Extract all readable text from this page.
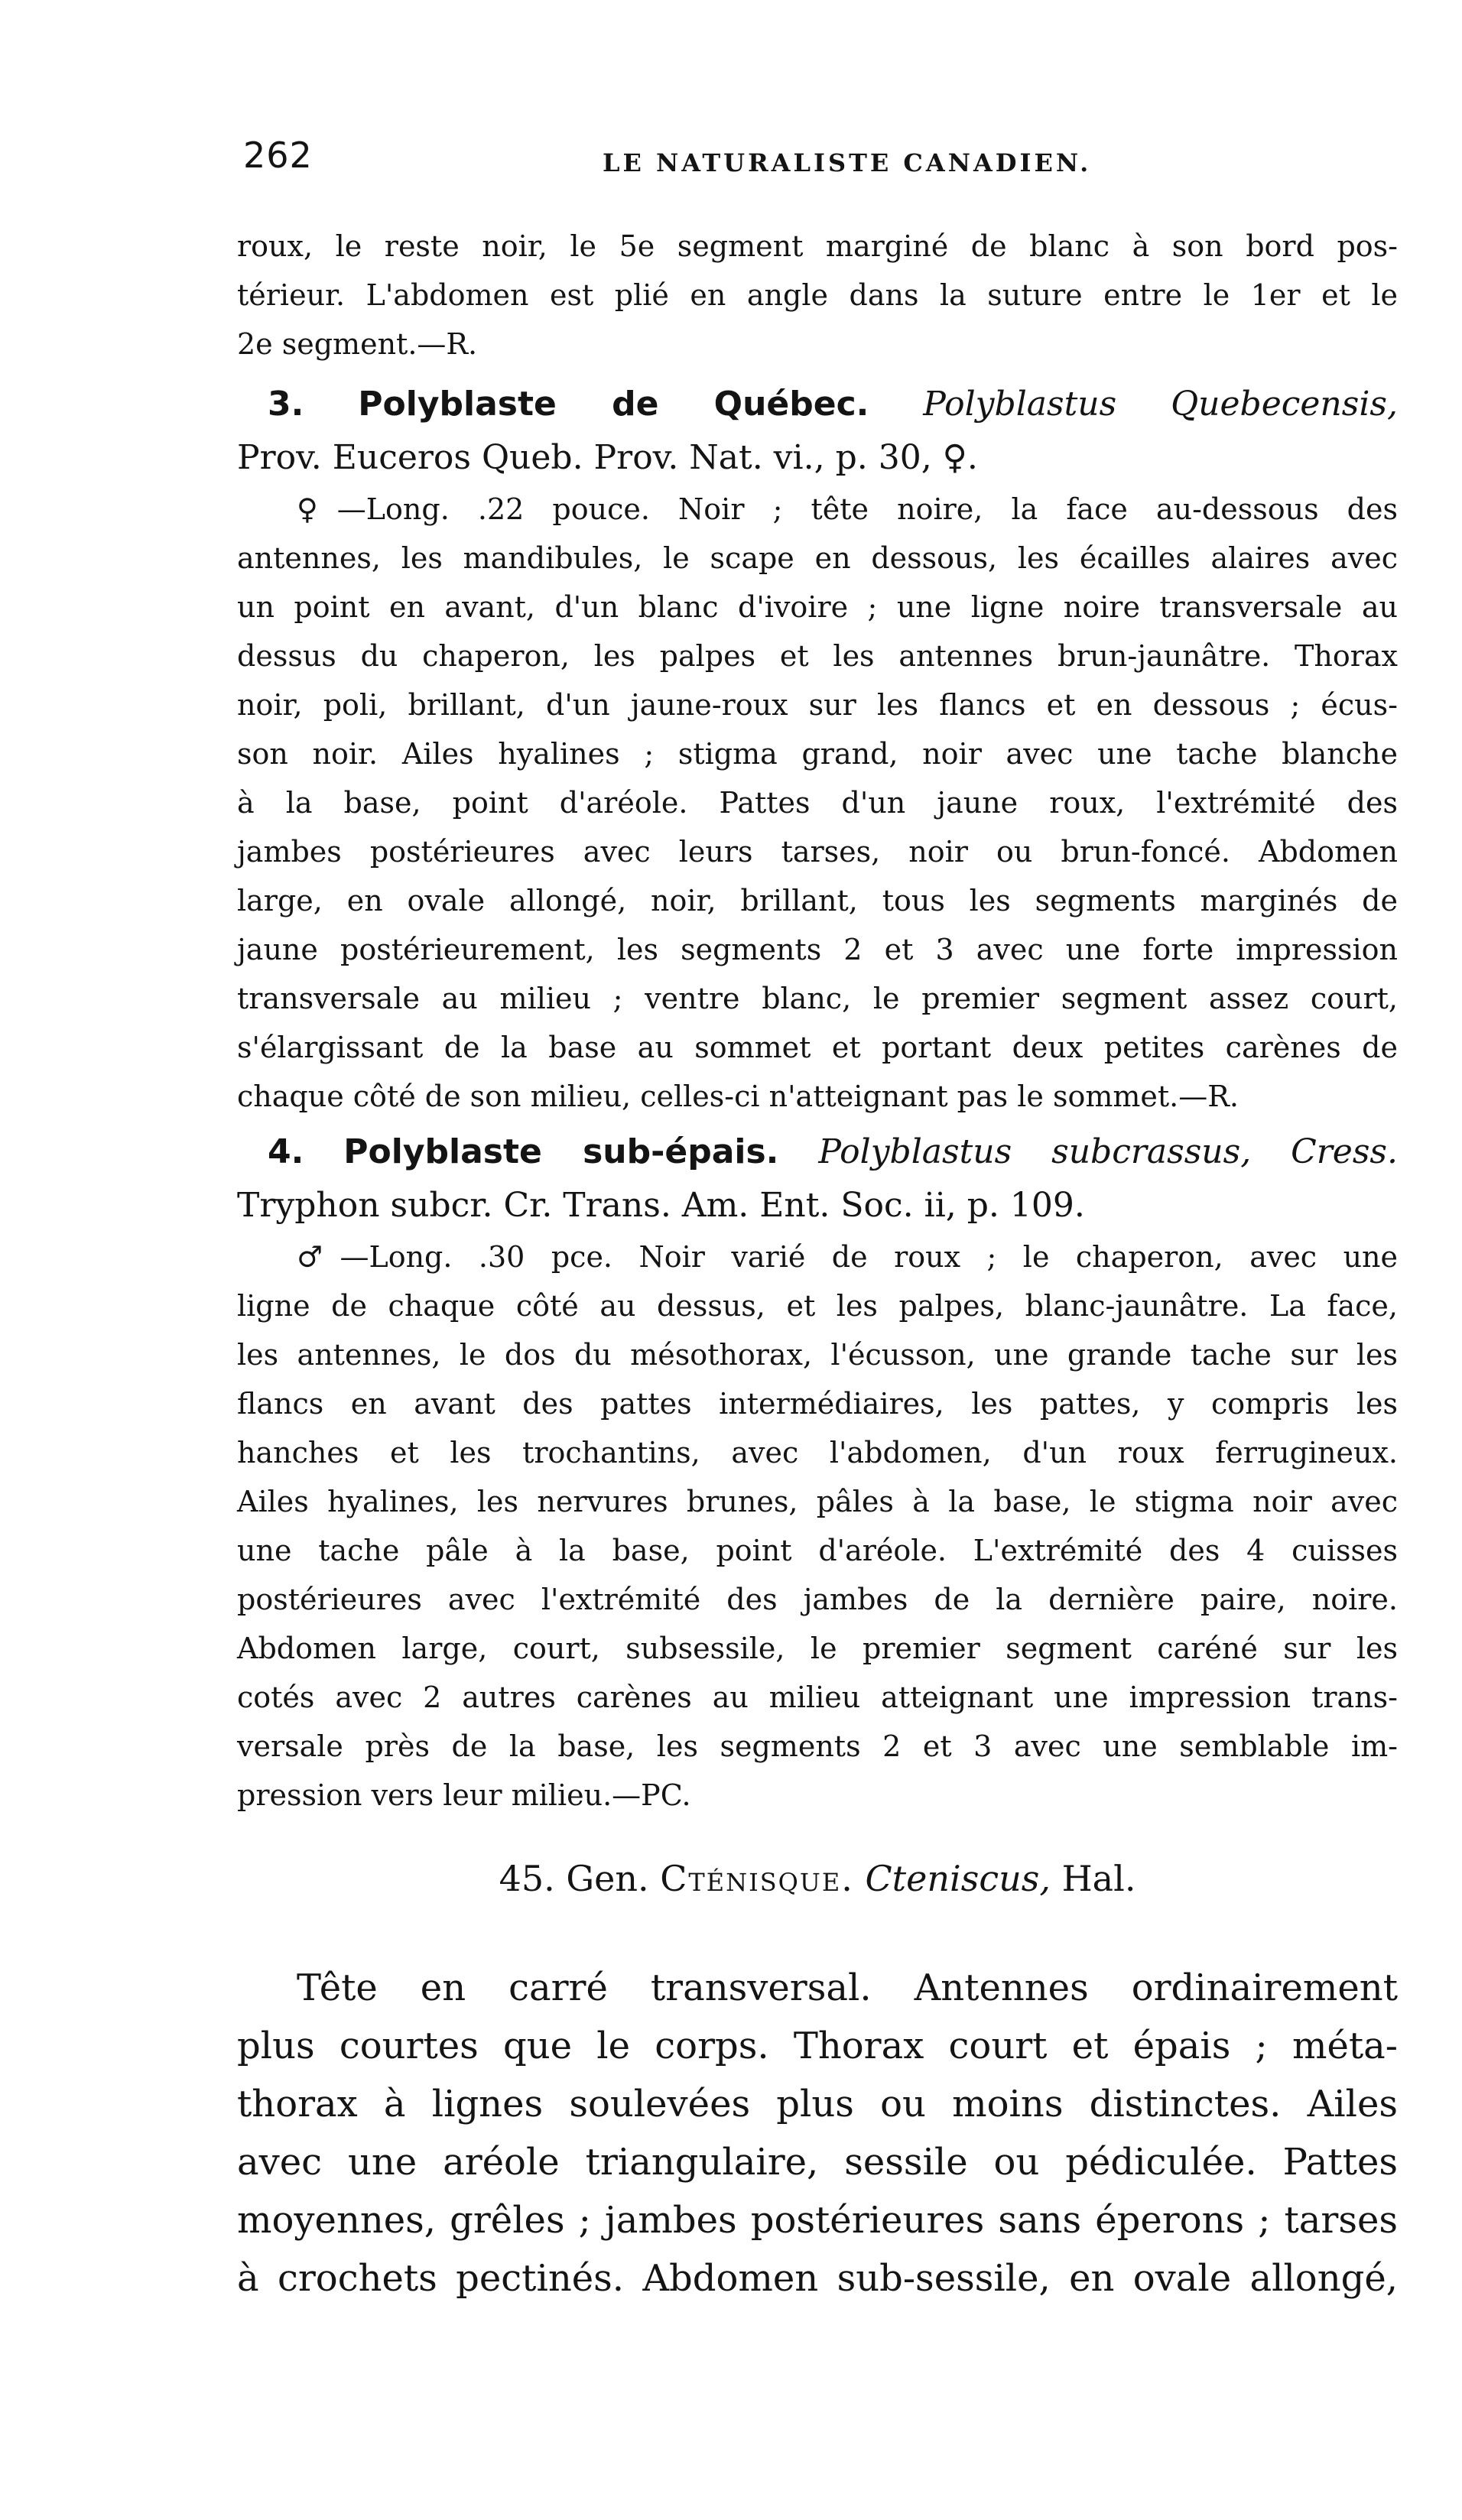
262	LE NATURALISTE CANADIEN.
roux, le reste noir, le 5e segment marginé de blanc à son bord pos-
térieur. L'abdomen est plié en angle dans la suture entre le 1er et le
2e segment.—R.
3. Polyblaste de Québec. Polyblastus Quebecensis,
Prov. Euceros Queb. Prov. Nat. vi., p. 30, ♀.
♀—Long. .22 pouce. Noir ; tête noire, la face au-dessous des
antennes, les mandibules, le scape en dessous, les écailles alaires avec
un point en avant, d'un blanc d'ivoire ; une ligne noire transversale au
dessus du chaperon, les palpes et les antennes brun-jaunâtre. Thorax
noir, poli, brillant, d'un jaune-roux sur les flancs et en dessous ; écus-
son noir. Ailes hyalines ; stigma grand, noir avec une tache blanche
à la base, point d'aréole. Pattes d'un jaune roux, l'extrémité des
jambes postérieures avec leurs tarses, noir ou brun-foncé. Abdomen
large, en ovale allongé, noir, brillant, tous les segments marginés de
jaune postérieurement, les segments 2 et 3 avec une forte impression
transversale au milieu ; ventre blanc, le premier segment assez court,
s'élargissant de la base au sommet et portant deux petites carènes de
chaque côté de son milieu, celles-ci n'atteignant pas le sommet.—R.
4. Polyblaste sub-épais. Polyblastus subcrassus, Cress.
Tryphon subcr. Cr. Trans. Am. Ent. Soc. ii, p. 109.
♂—Long. .30 pce. Noir varié de roux ; le chaperon, avec une
ligne de chaque côté au dessus, et les palpes, blanc-jaunâtre. La face,
les antennes, le dos du mésothorax, l'écusson, une grande tache sur les
flancs en avant des pattes intermédiaires, les pattes, y compris les
hanches et les trochantins, avec l'abdomen, d'un roux ferrugineux.
Ailes hyalines, les nervures brunes, pâles à la base, le stigma noir avec
une tache pâle à la base, point d'aréole. L'extrémité des 4 cuisses
postérieures avec l'extrémité des jambes de la dernière paire, noire.
Abdomen large, court, subsessile, le premier segment caréné sur les
cotés avec 2 autres carènes au milieu atteignant une impression trans-
versale près de la base, les segments 2 et 3 avec une semblable im-
pression vers leur milieu.—PC.
45. Gen. Cténisque. Cteniscus, Hal.
Tête en carré transversal. Antennes ordinairement
plus courtes que le corps. Thorax court et épais ; méta-
thorax à lignes soulevées plus ou moins distinctes. Ailes
avec une aréole triangulaire, sessile ou pédiculée. Pattes
moyennes, grêles ; jambes postérieures sans éperons ; tarses
à crochets pectinés. Abdomen sub-sessile, en ovale allongé,
